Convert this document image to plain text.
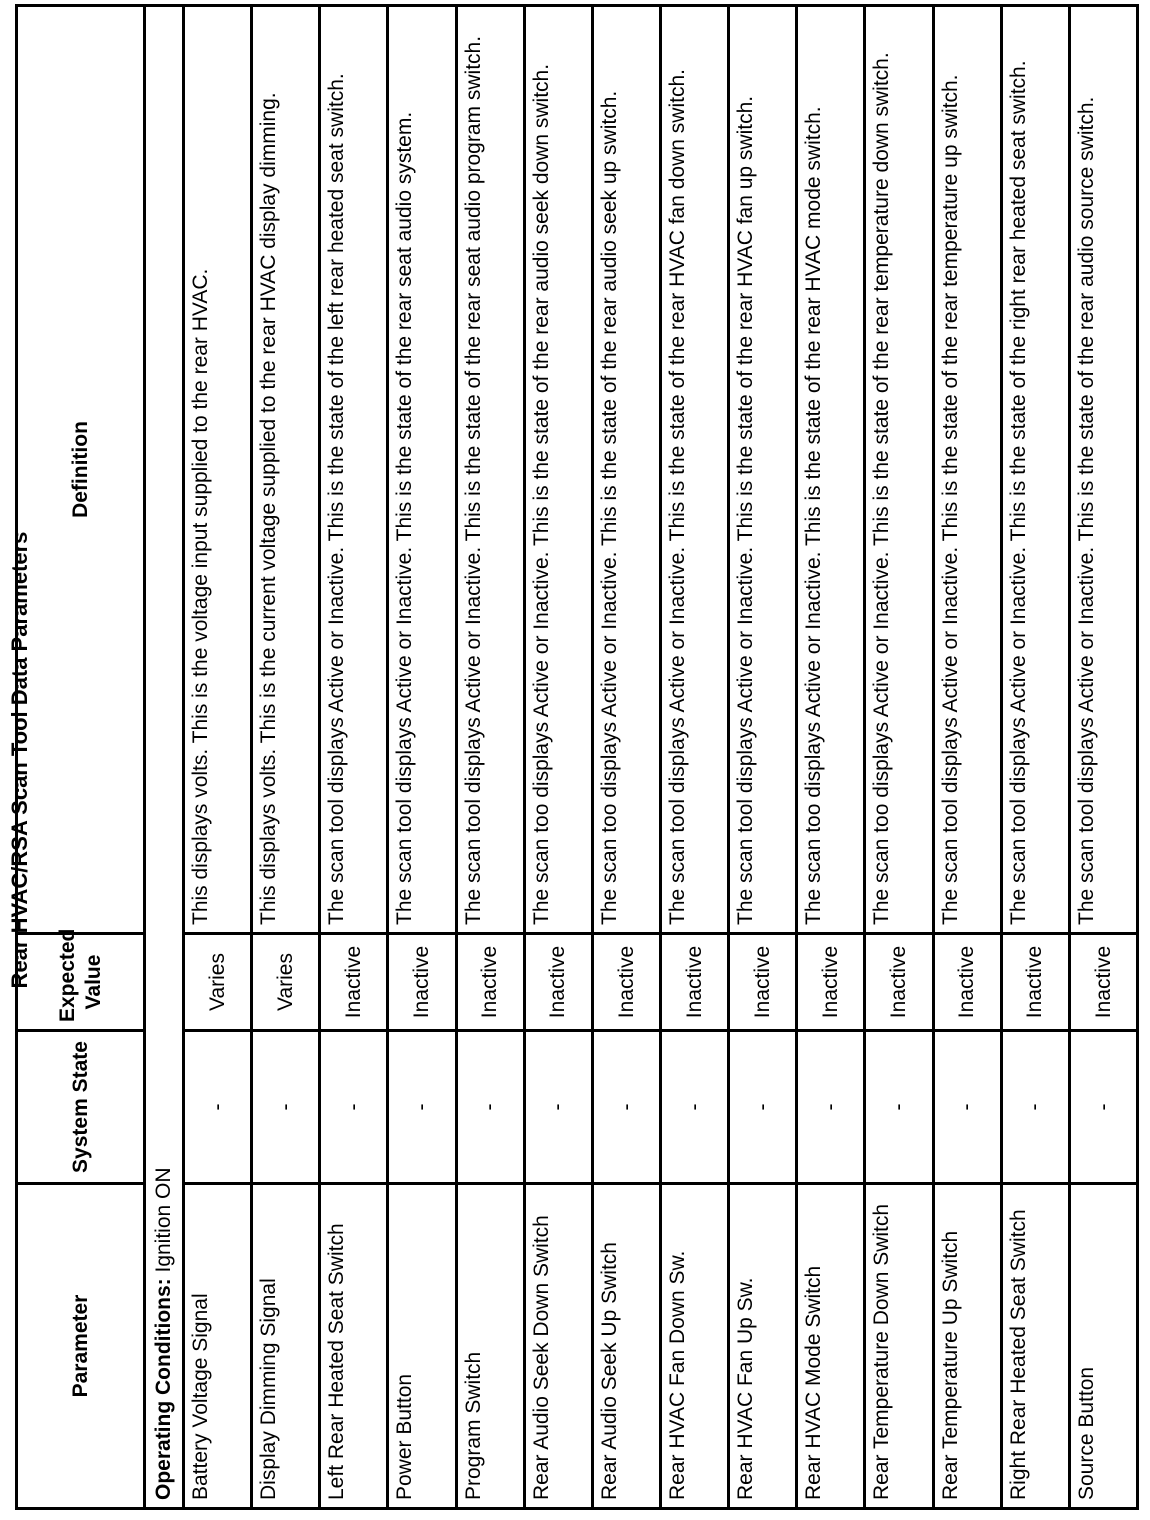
Rear HVAC/RSA Scan Tool Data Parameters
Parameter	System State	Expected Value	Definition
Operating Conditions: Ignition ON			
Battery Voltage Signal	-	Varies	This displays volts. This is the voltage input supplied to the rear HVAC.
Display Dimming Signal	-	Varies	This displays volts. This is the current voltage supplied to the rear HVAC display dimming.
Left Rear Heated Seat Switch	-	Inactive	The scan tool displays Active or Inactive. This is the state of the left rear heated seat switch.
Power Button	-	Inactive	The scan tool displays Active or Inactive. This is the state of the rear seat audio system.
Program Switch	-	Inactive	The scan tool displays Active or Inactive. This is the state of the rear seat audio program switch.
Rear Audio Seek Down Switch	-	Inactive	The scan too displays Active or Inactive. This is the state of the rear audio seek down switch.
Rear Audio Seek Up Switch	-	Inactive	The scan too displays Active or Inactive. This is the state of the rear audio seek up switch.
Rear HVAC Fan Down Sw.	-	Inactive	The scan tool displays Active or Inactive. This is the state of the rear HVAC fan down switch.
Rear HVAC Fan Up Sw.	-	Inactive	The scan tool displays Active or Inactive. This is the state of the rear HVAC fan up switch.
Rear HVAC Mode Switch	-	Inactive	The scan too displays Active or Inactive. This is the state of the rear HVAC mode switch.
Rear Temperature Down Switch	-	Inactive	The scan too displays Active or Inactive. This is the state of the rear temperature down switch.
Rear Temperature Up Switch	-	Inactive	The scan tool displays Active or Inactive. This is the state of the rear temperature up switch.
Right Rear Heated Seat Switch	-	Inactive	The scan tool displays Active or Inactive. This is the state of the right rear heated seat switch.
Source Button	-	Inactive	The scan tool displays Active or Inactive. This is the state of the rear audio source switch.
